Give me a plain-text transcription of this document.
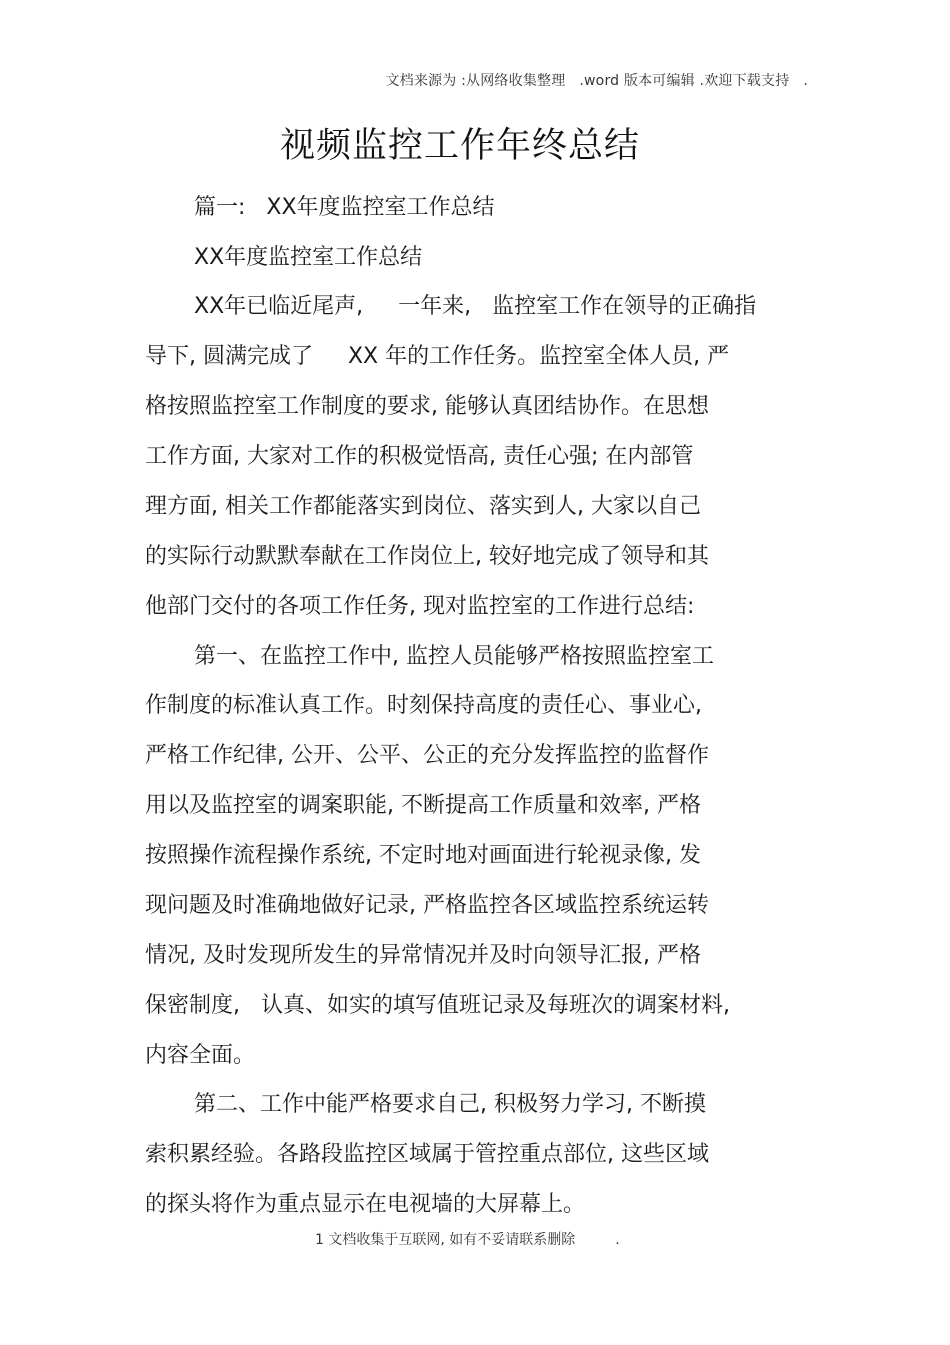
文档来源为 :从网络收集整理   .word 版本可编辑 .欢迎下载支持   .
视频监控工作年终总结
篇一:   XX年度监控室工作总结
XX年度监控室工作总结
XX年已临近尾声,     一年来,   监控室工作在领导的正确指
导下, 圆满完成了     XX 年的工作任务。监控室全体人员, 严
格按照监控室工作制度的要求, 能够认真团结协作。在思想
工作方面, 大家对工作的积极觉悟高, 责任心强; 在内部管
理方面, 相关工作都能落实到岗位、落实到人, 大家以自己
的实际行动默默奉献在工作岗位上, 较好地完成了领导和其
他部门交付的各项工作任务, 现对监控室的工作进行总结:
第一、在监控工作中, 监控人员能够严格按照监控室工
作制度的标准认真工作。时刻保持高度的责任心、事业心,
严格工作纪律, 公开、公平、公正的充分发挥监控的监督作
用以及监控室的调案职能, 不断提高工作质量和效率, 严格
按照操作流程操作系统, 不定时地对画面进行轮视录像, 发
现问题及时准确地做好记录, 严格监控各区域监控系统运转
情况, 及时发现所发生的异常情况并及时向领导汇报, 严格
保密制度,   认真、如实的填写值班记录及每班次的调案材料,
内容全面。
第二、工作中能严格要求自己, 积极努力学习, 不断摸
索积累经验。各路段监控区域属于管控重点部位, 这些区域
的探头将作为重点显示在电视墙的大屏幕上。
1 文档收集于互联网, 如有不妥请联系删除         .
